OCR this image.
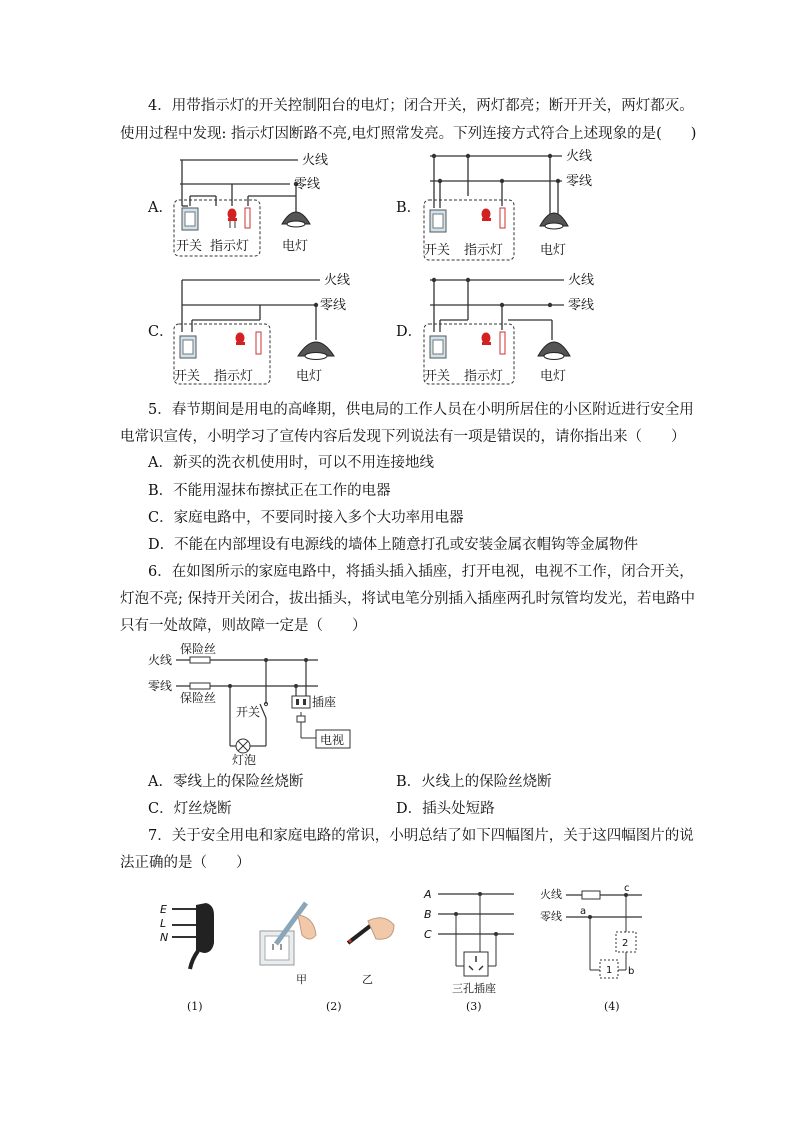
4．用带指示灯的开关控制阳台的电灯；闭合开关，两灯都亮；断开开关，两灯都灭。
使用过程中发现: 指示灯因断路不亮,电灯照常发亮。下列连接方式符合上述现象的是(　　)
A．
火线
零线
开关 指示灯	电灯
B．
火线
零线
开关 指示灯	电灯
C．
火线
零线
开关 指示灯	电灯
D．
火线
零线
开关 指示灯	电灯
5．春节期间是用电的高峰期，供电局的工作人员在小明所居住的小区附近进行安全用
电常识宣传，小明学习了宣传内容后发现下列说法有一项是错误的，请你指出来（　　）
A．新买的洗衣机使用时，可以不用连接地线
B．不能用湿抹布擦拭正在工作的电器
C．家庭电路中，不要同时接入多个大功率用电器
D．不能在内部埋设有电源线的墙体上随意打孔或安装金属衣帽钩等金属物件
6．在如图所示的家庭电路中，将插头插入插座，打开电视，电视不工作，闭合开关，
灯泡不亮; 保持开关闭合，拔出插头，将试电笔分别插入插座两孔时氖管均发光，若电路中
只有一处故障，则故障一定是（　　）
火线
零线
保险丝
保险丝
开关
插座
灯泡
电视
A．零线上的保险丝烧断	B．火线上的保险丝烧断
C．灯丝烧断	D．插头处短路
7．关于安全用电和家庭电路的常识，小明总结了如下四幅图片，关于这四幅图片的说
法正确的是（　　）
E
L
N
(1)
甲	乙
(2)
A
B
C
三孔插座
(3)
火线
零线
c
a
2
1 b
(4)
